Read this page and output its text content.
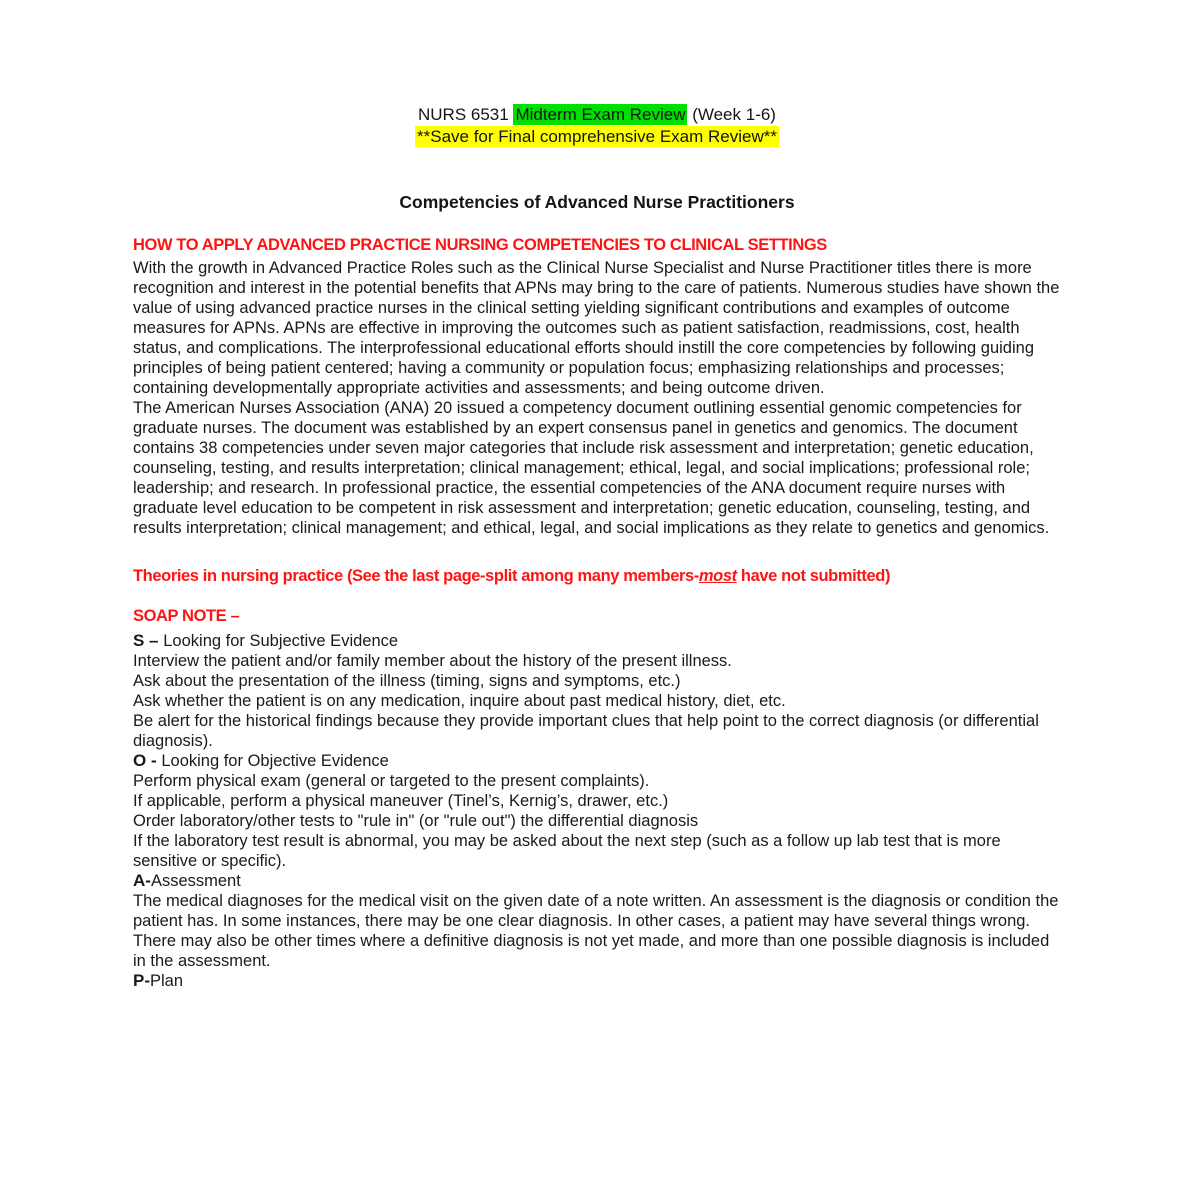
NURS 6531 Midterm Exam Review (Week 1-6)
**Save for Final comprehensive Exam Review**
Competencies of Advanced Nurse Practitioners
HOW TO APPLY ADVANCED PRACTICE NURSING COMPETENCIES TO CLINICAL SETTINGS

With the growth in Advanced Practice Roles such as the Clinical Nurse Specialist and Nurse Practitioner titles there is more recognition and interest in the potential benefits that APNs may bring to the care of patients. Numerous studies have shown the value of using advanced practice nurses in the clinical setting yielding significant contributions and examples of outcome measures for APNs. APNs are effective in improving the outcomes such as patient satisfaction, readmissions, cost, health status, and complications. The interprofessional educational efforts should instill the core competencies by following guiding principles of being patient centered; having a community or population focus; emphasizing relationships and processes; containing developmentally appropriate activities and assessments; and being outcome driven.

The American Nurses Association (ANA) 20 issued a competency document outlining essential genomic competencies for graduate nurses. The document was established by an expert consensus panel in genetics and genomics. The document contains 38 competencies under seven major categories that include risk assessment and interpretation; genetic education, counseling, testing, and results interpretation; clinical management; ethical, legal, and social implications; professional role; leadership; and research. In professional practice, the essential competencies of the ANA document require nurses with graduate level education to be competent in risk assessment and interpretation; genetic education, counseling, testing, and results interpretation; clinical management; and ethical, legal, and social implications as they relate to genetics and genomics.

Theories in nursing practice (See the last page-split among many members-most have not submitted)
SOAP NOTE –

S – Looking for Subjective Evidence

Interview the patient and/or family member about the history of the present illness.

Ask about the presentation of the illness (timing, signs and symptoms, etc.)

Ask whether the patient is on any medication, inquire about past medical history, diet, etc.

Be alert for the historical findings because they provide important clues that help point to the correct diagnosis (or differential diagnosis).

O - Looking for Objective Evidence

Perform physical exam (general or targeted to the present complaints).

If applicable, perform a physical maneuver (Tinel’s, Kernig’s, drawer, etc.)

Order laboratory/other tests to "rule in" (or "rule out") the differential diagnosis

If the laboratory test result is abnormal, you may be asked about the next step (such as a follow up lab test that is more sensitive or specific).

A-Assessment

The medical diagnoses for the medical visit on the given date of a note written. An assessment is the diagnosis or condition the patient has. In some instances, there may be one clear diagnosis. In other cases, a patient may have several things wrong. There may also be other times where a definitive diagnosis is not yet made, and more than one possible diagnosis is included in the assessment.

P-Plan
